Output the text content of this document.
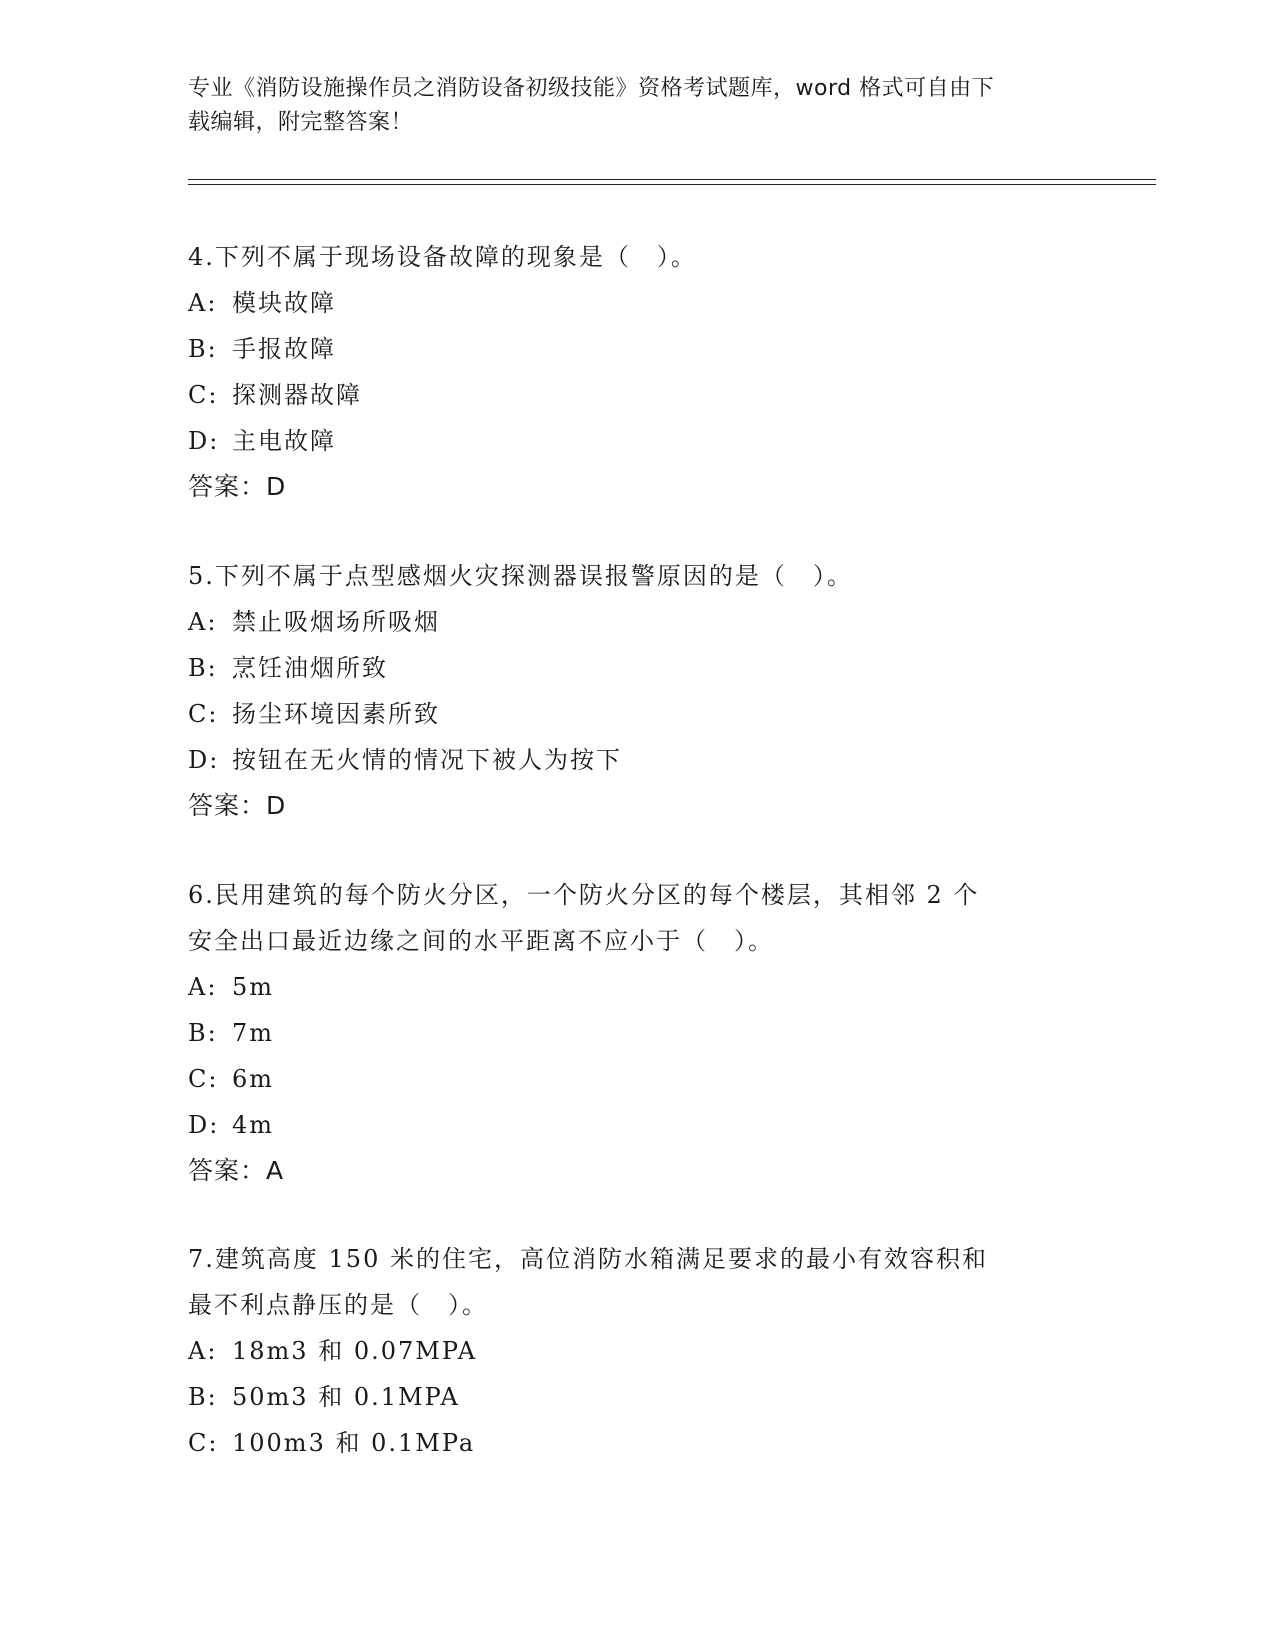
专业《消防设施操作员之消防设备初级技能》资格考试题库，word 格式可自由下
载编辑，附完整答案！
4.下列不属于现场设备故障的现象是（　）。
A: 模块故障
B: 手报故障
C: 探测器故障
D: 主电故障
答案：D
5.下列不属于点型感烟火灾探测器误报警原因的是（　）。
A: 禁止吸烟场所吸烟
B: 烹饪油烟所致
C: 扬尘环境因素所致
D: 按钮在无火情的情况下被人为按下
答案：D
6.民用建筑的每个防火分区，一个防火分区的每个楼层，其相邻 2 个
安全出口最近边缘之间的水平距离不应小于（　）。
A: 5m
B: 7m
C: 6m
D: 4m
答案：A
7.建筑高度 150 米的住宅，高位消防水箱满足要求的最小有效容积和
最不利点静压的是（　）。
A: 18m3 和 0.07MPA
B: 50m3 和 0.1MPA
C: 100m3 和 0.1MPa
